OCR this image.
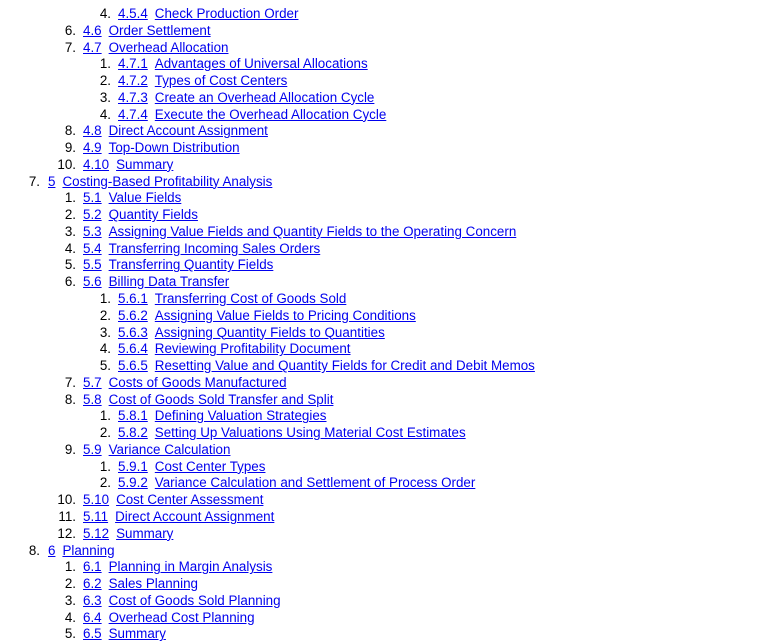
4. 4.5.4 Check Production Order
6. 4.6 Order Settlement
7. 4.7 Overhead Allocation
1. 4.7.1 Advantages of Universal Allocations
2. 4.7.2 Types of Cost Centers
3. 4.7.3 Create an Overhead Allocation Cycle
4. 4.7.4 Execute the Overhead Allocation Cycle
8. 4.8 Direct Account Assignment
9. 4.9 Top-Down Distribution
10. 4.10 Summary
7. 5 Costing-Based Profitability Analysis
1. 5.1 Value Fields
2. 5.2 Quantity Fields
3. 5.3 Assigning Value Fields and Quantity Fields to the Operating Concern
4. 5.4 Transferring Incoming Sales Orders
5. 5.5 Transferring Quantity Fields
6. 5.6 Billing Data Transfer
1. 5.6.1 Transferring Cost of Goods Sold
2. 5.6.2 Assigning Value Fields to Pricing Conditions
3. 5.6.3 Assigning Quantity Fields to Quantities
4. 5.6.4 Reviewing Profitability Document
5. 5.6.5 Resetting Value and Quantity Fields for Credit and Debit Memos
7. 5.7 Costs of Goods Manufactured
8. 5.8 Cost of Goods Sold Transfer and Split
1. 5.8.1 Defining Valuation Strategies
2. 5.8.2 Setting Up Valuations Using Material Cost Estimates
9. 5.9 Variance Calculation
1. 5.9.1 Cost Center Types
2. 5.9.2 Variance Calculation and Settlement of Process Order
10. 5.10 Cost Center Assessment
11. 5.11 Direct Account Assignment
12. 5.12 Summary
8. 6 Planning
1. 6.1 Planning in Margin Analysis
2. 6.2 Sales Planning
3. 6.3 Cost of Goods Sold Planning
4. 6.4 Overhead Cost Planning
5. 6.5 Summary
